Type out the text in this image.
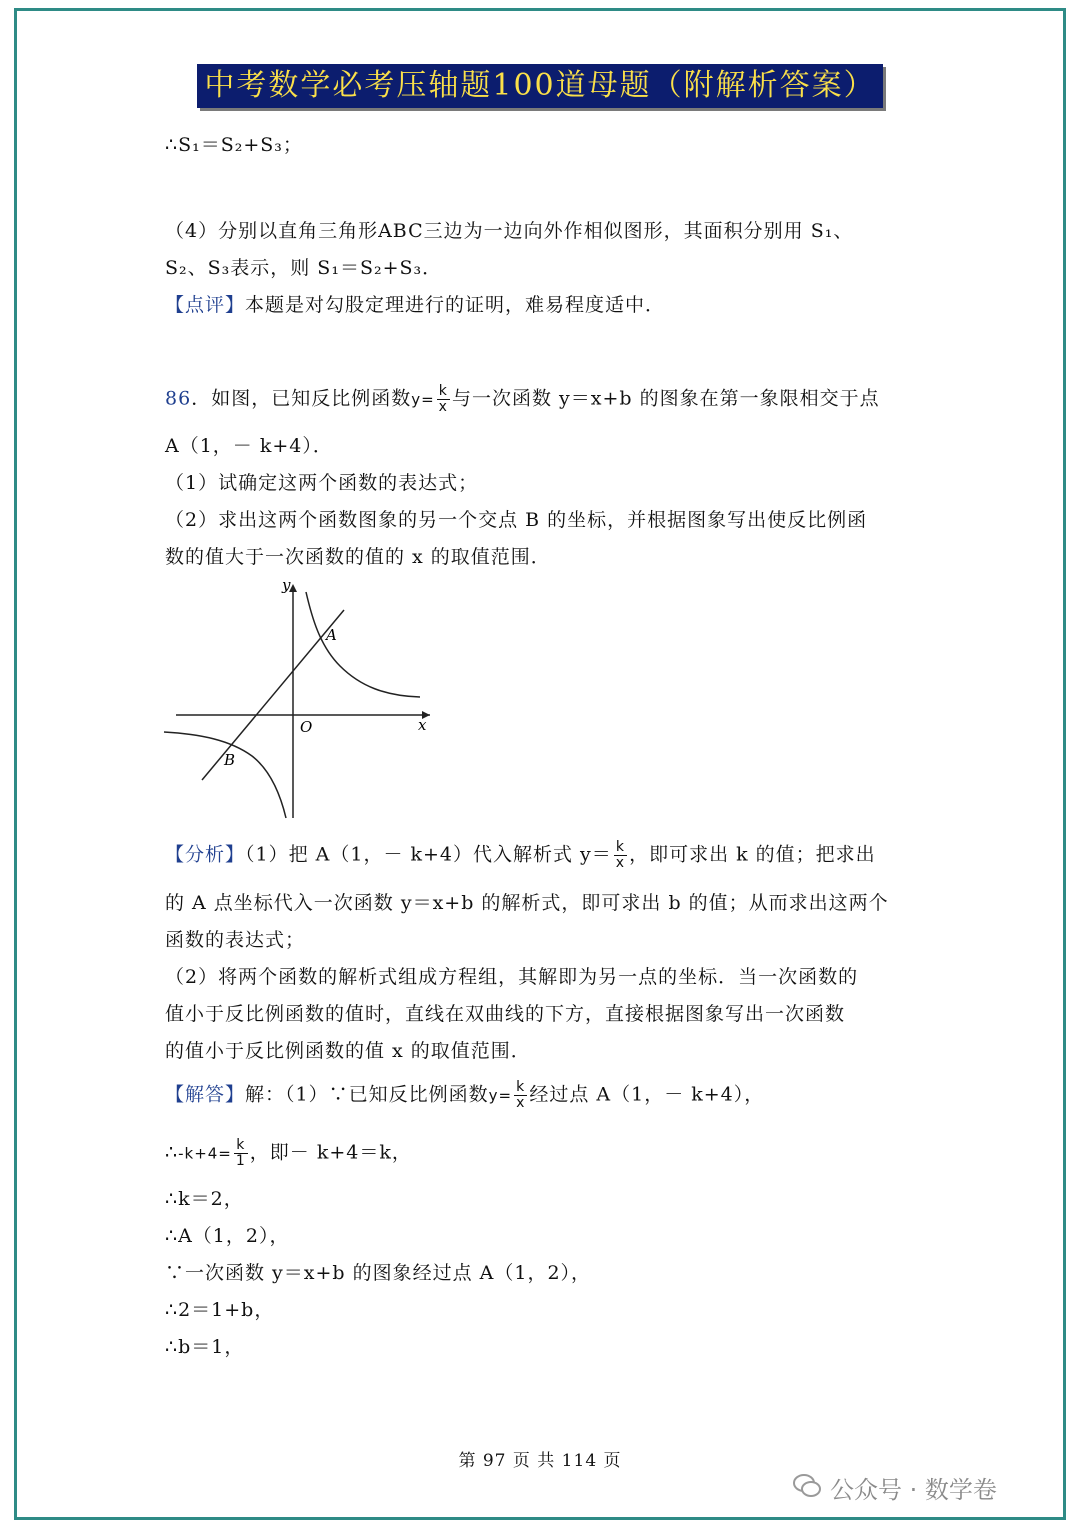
中考数学必考压轴题100道母题（附解析答案）
∴S₁＝S₂+S₃；
（4）分别以直角三角形ABC三边为一边向外作相似图形，其面积分别用 S₁、
S₂、S₃表示，则 S₁＝S₂+S₃．
【点评】本题是对勾股定理进行的证明，难易程度适中．
86．如图，已知反比例函数$y= \frac{k}{x}$ 与一次函数 y＝x+b 的图象在第一象限相交于点
A（1，－ k+4）．
（1）试确定这两个函数的表达式；
（2）求出这两个函数图象的另一个交点 B 的坐标，并根据图象写出使反比例函
数的值大于一次函数的值的 x 的取值范围．
y
x
O
A
B
【分析】（1）把 A（1，－ k+4）代入解析式 $y= \frac{k}{x}$ ，即可求出 k 的值；把求出
的 A 点坐标代入一次函数 y＝x+b 的解析式，即可求出 b 的值；从而求出这两个
函数的表达式；
（2）将两个函数的解析式组成方程组，其解即为另一点的坐标．当一次函数的
值小于反比例函数的值时，直线在双曲线的下方，直接根据图象写出一次函数
的值小于反比例函数的值 x 的取值范围．
【解答】解：（1）∵已知反比例函数$y= \frac{k}{x}$ 经过点 A（1，－ k+4），
∴-k+4= $\frac{k}{1}$ ，即－ k+4＝k，
∴k＝2，
∴A（1，2），
∵一次函数 y＝x+b 的图象经过点 A（1，2），
∴2＝1+b，
∴b＝1，
第 97 页 共 114 页
公众号 · 数学卷
